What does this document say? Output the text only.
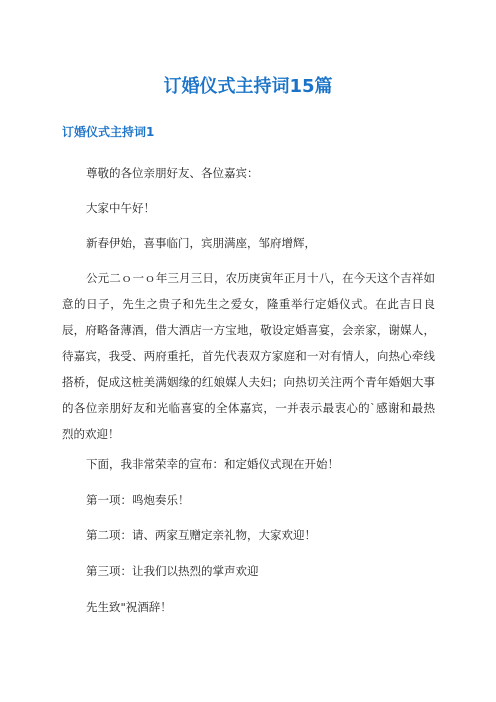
订婚仪式主持词15篇
订婚仪式主持词1

尊敬的各位亲朋好友、各位嘉宾：

大家中午好！

新春伊始，喜事临门，宾朋满座，邹府增辉，

公元二ｏ一ｏ年三月三日，农历庚寅年正月十八，在今天这个吉祥如意的日子，先生之贵子和先生之爱女，隆重举行定婚仪式。在此吉日良辰，府略备薄酒，借大酒店一方宝地，敬设定婚喜宴，会亲家，谢媒人，待嘉宾，我受、两府重托，首先代表双方家庭和一对有情人，向热心牵线搭桥，促成这桩美满姻缘的红娘媒人夫妇；向热切关注两个青年婚姻大事的各位亲朋好友和光临喜宴的全体嘉宾，一并表示最衷心的`感谢和最热烈的欢迎！

下面，我非常荣幸的宣布：和定婚仪式现在开始！

第一项：鸣炮奏乐！

第二项：请、两家互赠定亲礼物，大家欢迎！

第三项：让我们以热烈的掌声欢迎

先生致"祝酒辞！
